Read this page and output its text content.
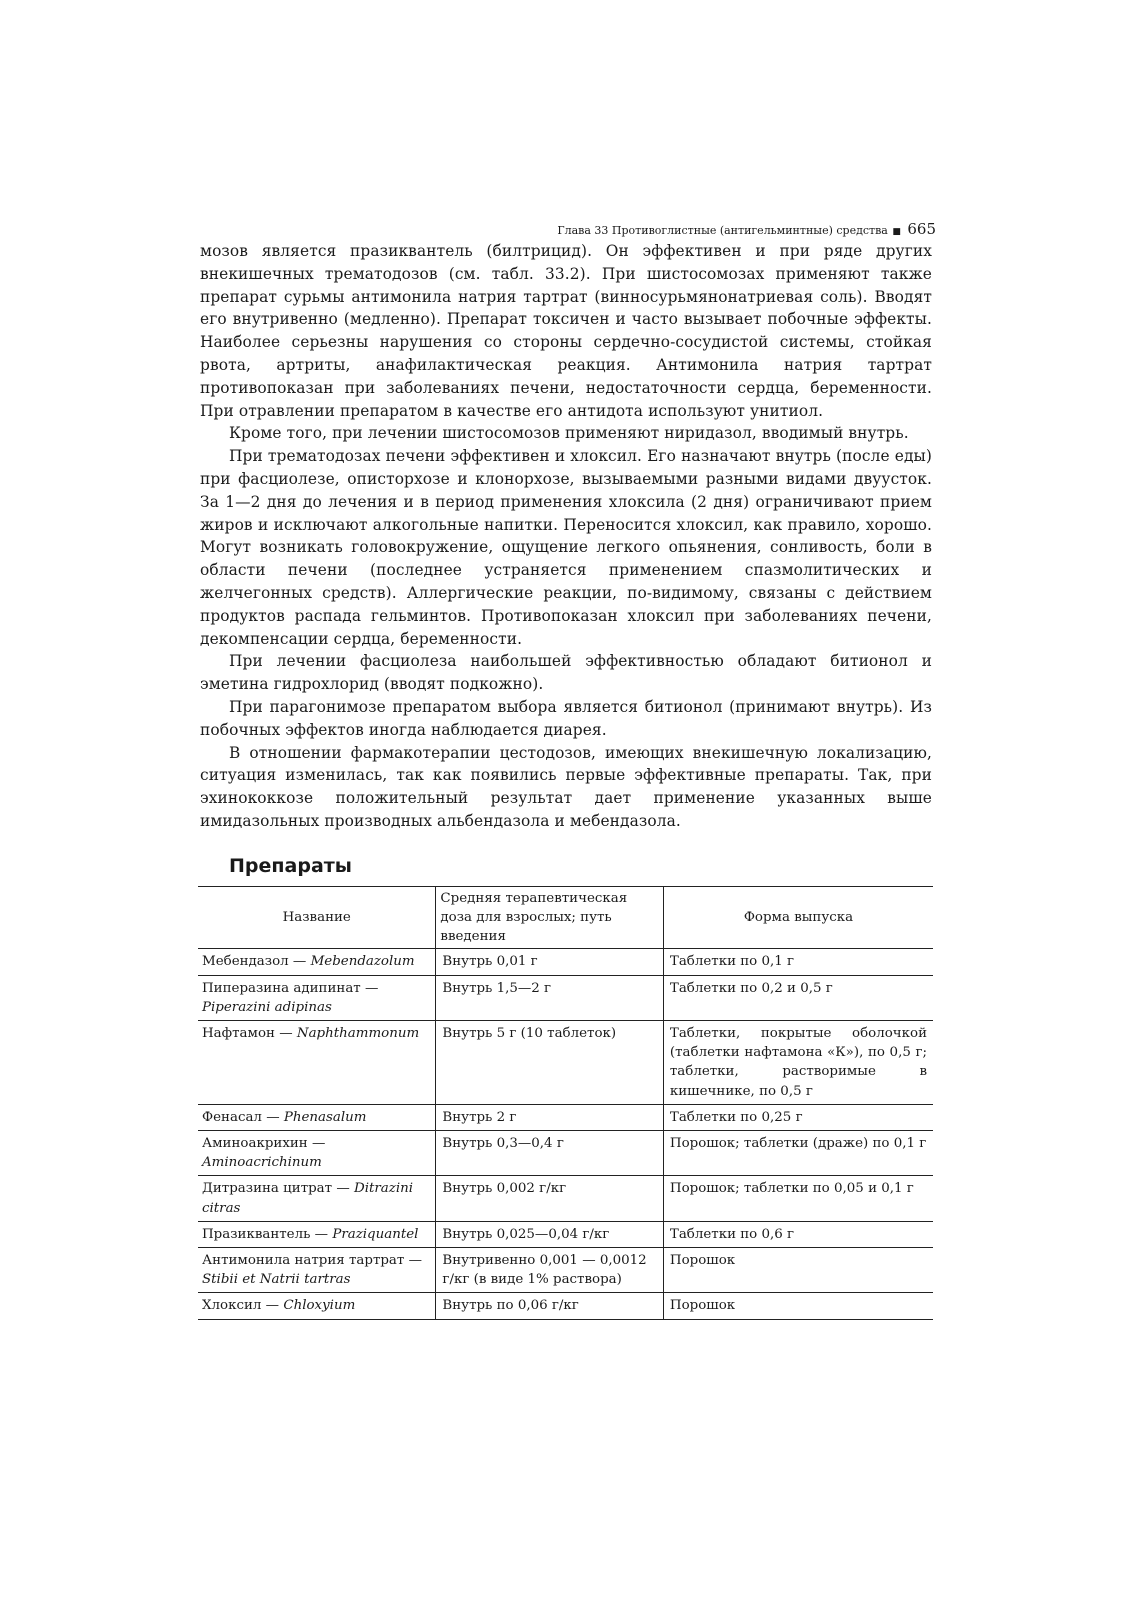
Глава 33 Противоглистные (антигельминтные) средства ■ 665

мозов является празиквантель (билтрицид). Он эффективен и при ряде других внекишечных трематодозов (см. табл. 33.2). При шистосомозах применяют также препарат сурьмы антимонила натрия тартрат (винносурьмянонатриевая соль). Вводят его внутривенно (медленно). Препарат токсичен и часто вызывает побочные эффекты. Наиболее серьезны нарушения со стороны сердечно-сосудистой системы, стойкая рвота, артриты, анафилактическая реакция. Антимонила натрия тартрат противопоказан при заболеваниях печени, недостаточности сердца, беременности. При отравлении препаратом в качестве его антидота используют унитиол.

Кроме того, при лечении шистосомозов применяют ниридазол, вводимый внутрь.

При трематодозах печени эффективен и хлоксил. Его назначают внутрь (после еды) при фасциолезе, описторхозе и клонорхозе, вызываемыми разными видами двуусток. За 1—2 дня до лечения и в период применения хлоксила (2 дня) ограничивают прием жиров и исключают алкогольные напитки. Переносится хлоксил, как правило, хорошо. Могут возникать головокружение, ощущение легкого опьянения, сонливость, боли в области печени (последнее устраняется применением спазмолитических и желчегонных средств). Аллергические реакции, по-видимому, связаны с действием продуктов распада гельминтов. Противопоказан хлоксил при заболеваниях печени, декомпенсации сердца, беременности.

При лечении фасциолеза наибольшей эффективностью обладают битионол и эметина гидрохлорид (вводят подкожно).

При парагонимозе препаратом выбора является битионол (принимают внутрь). Из побочных эффектов иногда наблюдается диарея.

В отношении фармакотерапии цестодозов, имеющих внекишечную локализацию, ситуация изменилась, так как появились первые эффективные препараты. Так, при эхинококкозе положительный результат дает применение указанных выше имидазольных производных альбендазола и мебендазола.

Препараты
Название	Средняя терапевтическая доза для взрослых; путь введения	Форма выпуска
Мебендазол — Mebendazolum	Внутрь 0,01 г	Таблетки по 0,1 г
Пиперазина адипинат — Piperazini adipinas	Внутрь 1,5—2 г	Таблетки по 0,2 и 0,5 г
Нафтамон — Naphthammonum	Внутрь 5 г (10 таблеток)	Таблетки, покрытые оболочкой (таблетки нафтамона «К»), по 0,5 г; таблетки, растворимые в кишечнике, по 0,5 г
Фенасал — Phenasalum	Внутрь 2 г	Таблетки по 0,25 г
Аминоакрихин — Aminoacrichinum	Внутрь 0,3—0,4 г	Порошок; таблетки (драже) по 0,1 г
Дитразина цитрат — Ditrazini citras	Внутрь 0,002 г/кг	Порошок; таблетки по 0,05 и 0,1 г
Празиквантель — Praziquantel	Внутрь 0,025—0,04 г/кг	Таблетки по 0,6 г
Антимонила натрия тартрат — Stibii et Natrii tartras	Внутривенно 0,001 — 0,0012 г/кг (в виде 1% раствора)	Порошок
Хлоксил — Chloxyium	Внутрь по 0,06 г/кг	Порошок
